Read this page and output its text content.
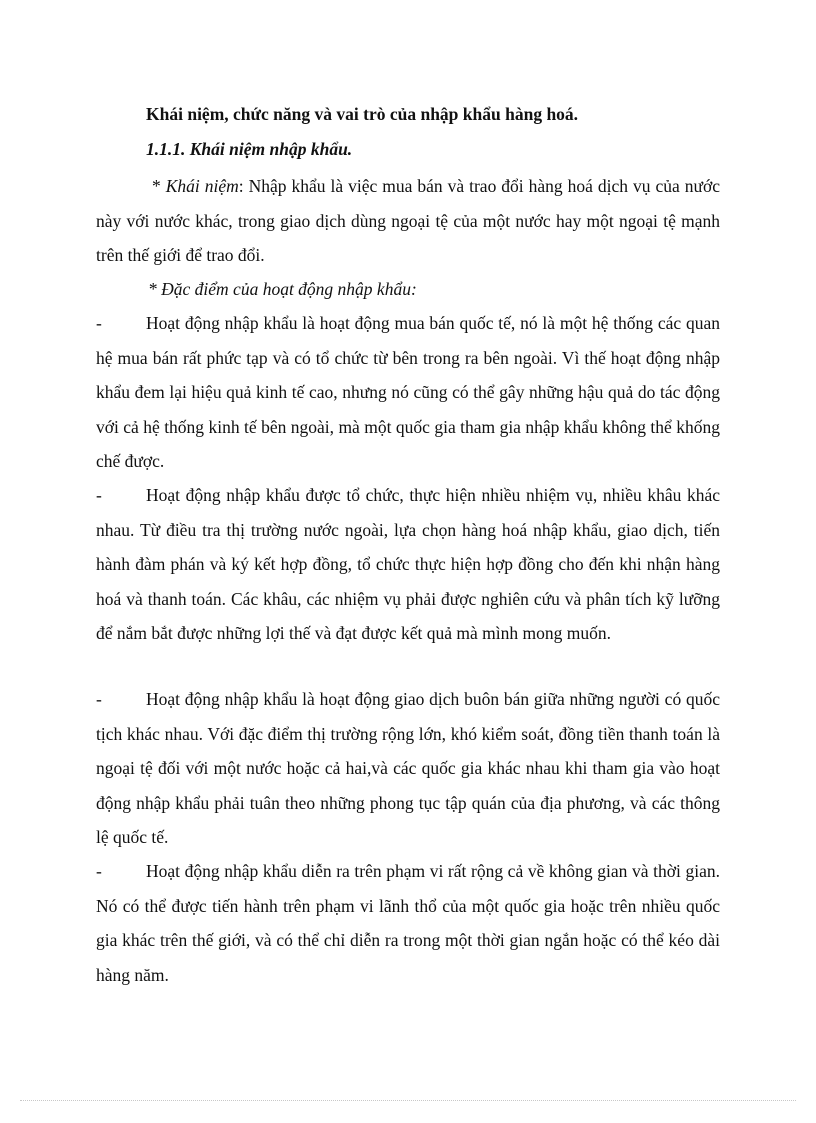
Khái niệm, chức năng và vai trò của nhập khẩu hàng hoá.
1.1.1. Khái niệm nhập khẩu.

* Khái niệm: Nhập khẩu là việc mua bán và trao đổi hàng hoá dịch vụ của nước này với nước khác, trong giao dịch dùng ngoại tệ của một nước hay một ngoại tệ mạnh trên thế giới để trao đổi.

* Đặc điểm của hoạt động nhập khẩu:

-	Hoạt động nhập khẩu là hoạt động mua bán quốc tế, nó là một hệ thống các quan hệ mua bán rất phức tạp và có tổ chức từ bên trong ra bên ngoài. Vì thế hoạt động nhập khẩu đem lại hiệu quả kinh tế cao, nhưng nó cũng có thể gây những hậu quả do tác động với cả hệ thống kinh tế bên ngoài, mà một quốc gia tham gia nhập khẩu không thể khống chế được.

-	Hoạt động nhập khẩu được tổ chức, thực hiện nhiều nhiệm vụ, nhiều khâu khác nhau. Từ điều tra thị trường nước ngoài, lựa chọn hàng hoá nhập khẩu, giao dịch, tiến hành đàm phán và ký kết hợp đồng, tổ chức thực hiện hợp đồng cho đến khi nhận hàng hoá và thanh toán. Các khâu, các nhiệm vụ phải được nghiên cứu và phân tích kỹ lưỡng để nắm bắt được những lợi thế và đạt được kết quả mà mình mong muốn.

-	Hoạt động nhập khẩu là hoạt động giao dịch buôn bán giữa những người có quốc tịch khác nhau. Với đặc điểm thị trường rộng lớn, khó kiểm soát, đồng tiền thanh toán là ngoại tệ đối với một nước hoặc cả hai,và các quốc gia khác nhau khi tham gia vào hoạt động nhập khẩu phải tuân theo những phong tục tập quán của địa phương, và các thông lệ quốc tế.

-	Hoạt động nhập khẩu diễn ra trên phạm vi rất rộng cả về không gian và thời gian. Nó có thể được tiến hành trên phạm vi lãnh thổ của một quốc gia hoặc trên nhiều quốc gia khác trên thế giới, và có thể chỉ diễn ra trong một thời gian ngắn hoặc có thể kéo dài hàng năm.
